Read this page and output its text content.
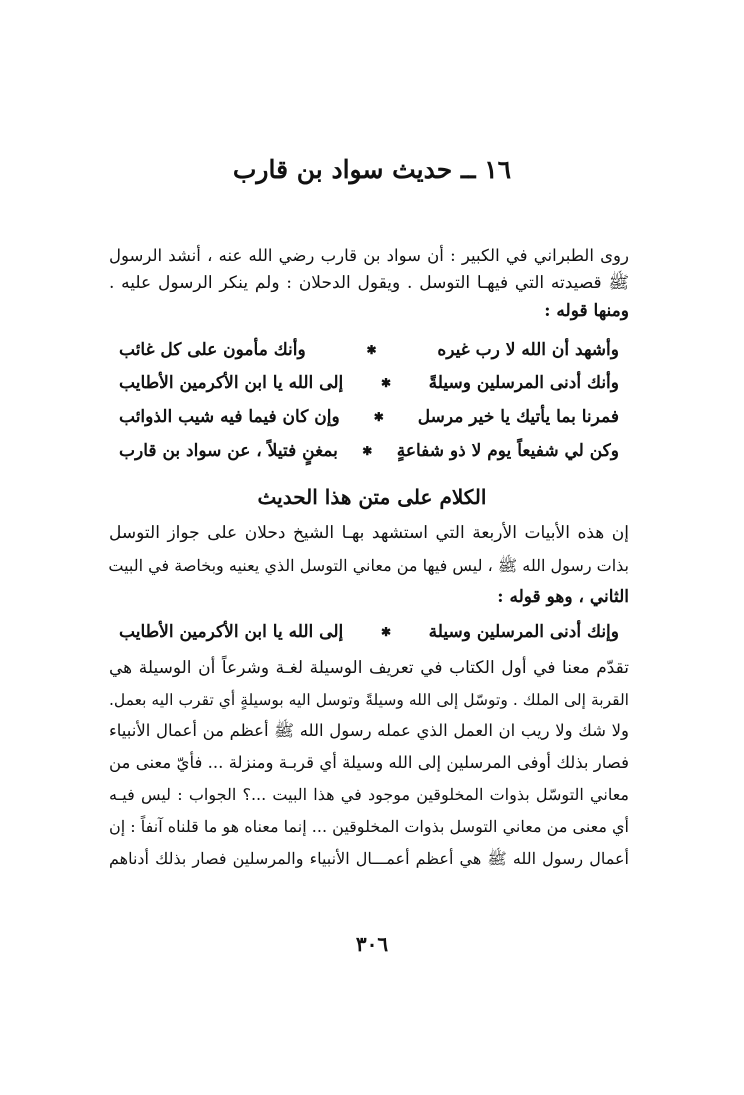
١٦ ــ حديث سواد بن قارب
روى الطبراني في الكبير : أن سواد بن قارب رضي الله عنه ، أنشد الرسول
ﷺ قصيدته التي فيهـا التوسل . ويقول الدحلان : ولم ينكر الرسول عليه .
ومنها قوله :
وأشهد أن الله لا رب غيره
✱
وأنك مأمون على كل غائب
وأنك أدنى المرسلين وسيلةً
✱
إلى الله يا ابن الأكرمين الأطايب
فمرنا بما يأتيك يا خير مرسل
✱
وإن كان فيما فيه شيب الذوائب
وكن لي شفيعاً يوم لا ذو شفاعةٍ
✱
بمغنٍ فتيلاً ، عن سواد بن قارب
الكلام على متن هذا الحديث
إن هذه الأبيات الأربعة التي استشهد بهـا الشيخ دحلان على جواز التوسل
بذات رسول الله ﷺ ، ليس فيها من معاني التوسل الذي يعنيه وبخاصة في البيت
الثاني ، وهو قوله :
وإنك أدنى المرسلين وسيلة
✱
إلى الله يا ابن الأكرمين الأطايب
تقدّم معنا في أول الكتاب في تعريف الوسيلة لغـة وشرعاً أن الوسيلة هي
القربة إلى الملك . وتوسّل إلى الله وسيلةً وتوسل اليه بوسيلةٍ أي تقرب اليه بعمل.
ولا شك ولا ريب ان العمل الذي عمله رسول الله ﷺ أعظم من أعمال الأنبياء
فصار بذلك أوفى المرسلين إلى الله وسيلة أي قربـة ومنزلة ... فأيّ معنى من
معاني التوسّل بذوات المخلوقين موجود في هذا البيت ...؟ الجواب : ليس فيـه
أي معنى من معاني التوسل بذوات المخلوقين ... إنما معناه هو ما قلناه آنفاً : إن
أعمال رسول الله ﷺ هي أعظم أعمـــال الأنبياء والمرسلين فصار بذلك أدناهم
٣٠٦
